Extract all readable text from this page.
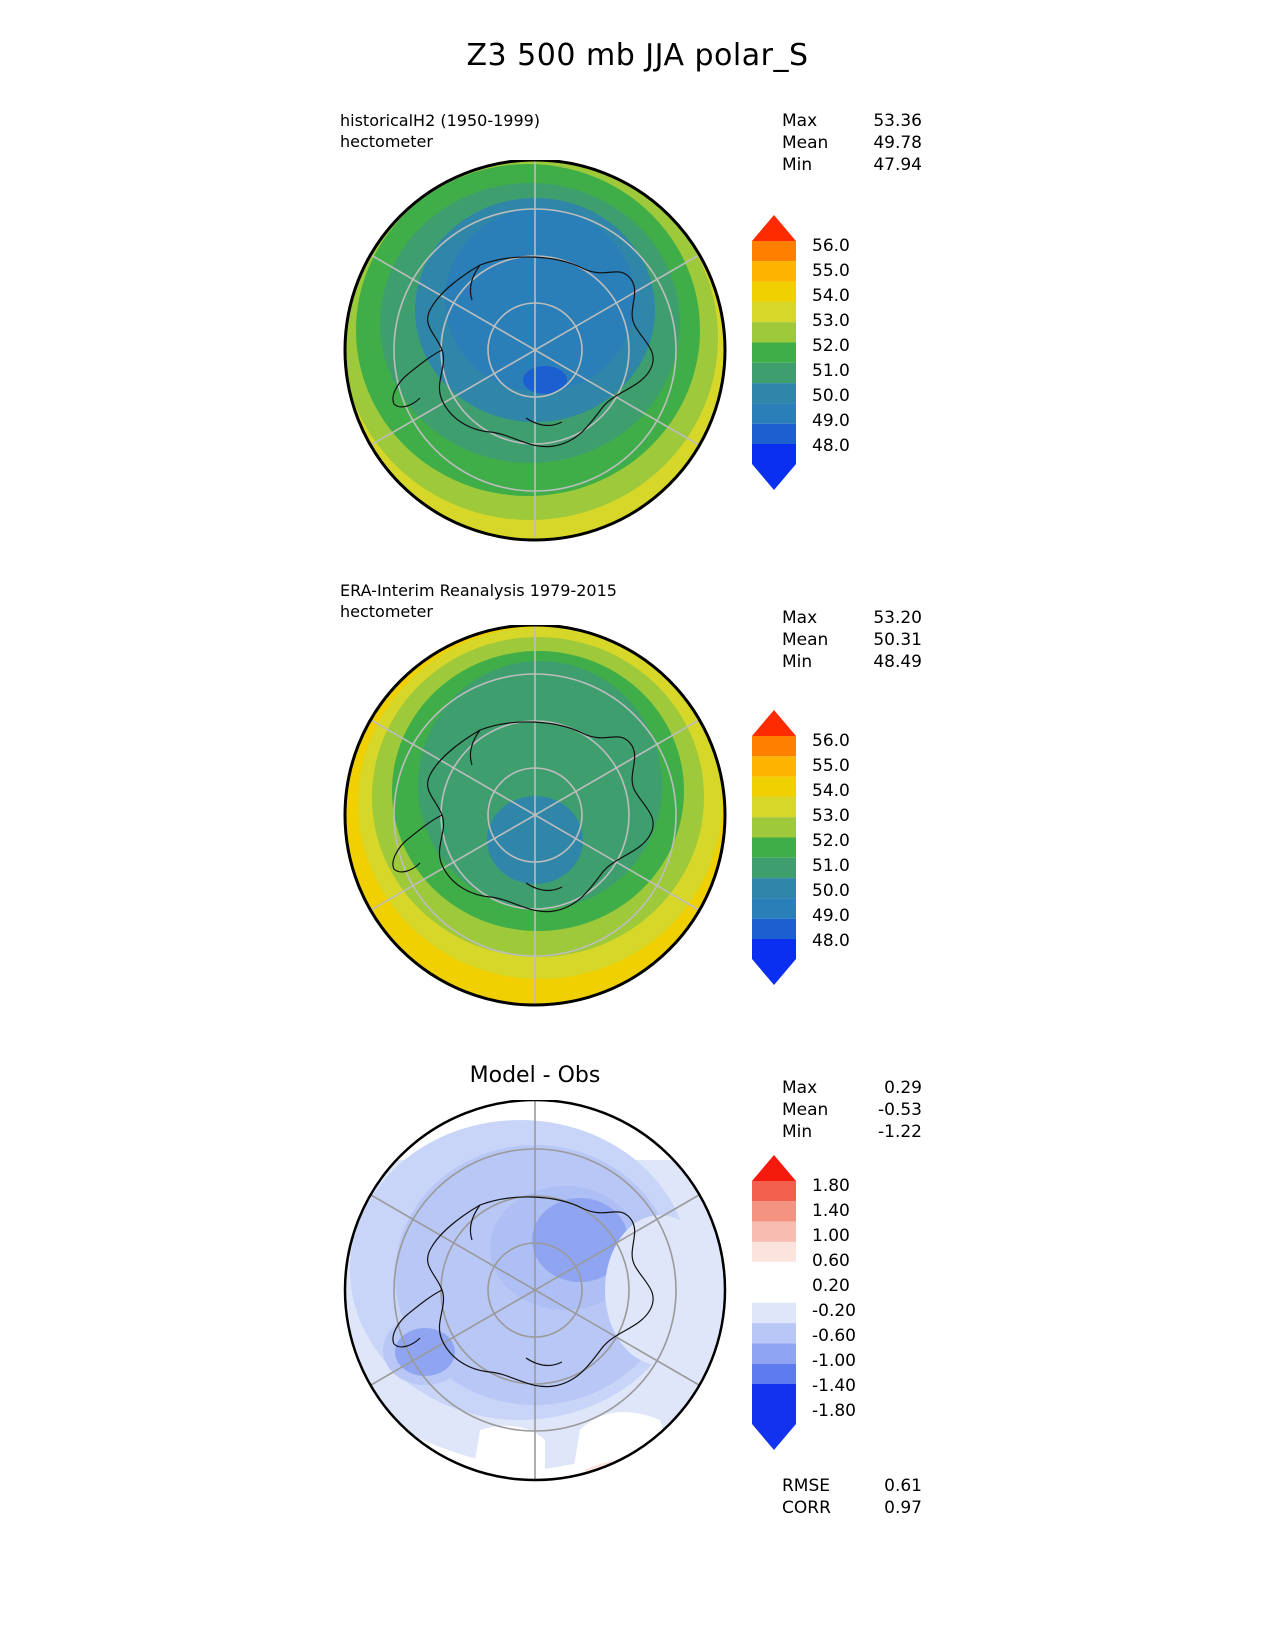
Z3 500 mb JJA polar_S
historicalH2 (1950-1999)
hectometer
Max	53.36
Mean	49.78
Min	47.94
56.0
55.0
54.0
53.0
52.0
51.0
50.0
49.0
48.0
ERA-Interim Reanalysis 1979-2015
hectometer	Max	53.20
Mean	50.31
Min	48.49
56.0
55.0
54.0
53.0
52.0
51.0
50.0
49.0
48.0
Model - Obs	Max	0.29
Mean	-0.53
Min	-1.22
1.80
1.40
1.00
0.60
0.20
-0.20
-0.60
-1.00
-1.40
-1.80
RMSE	0.61
CORR	0.97
